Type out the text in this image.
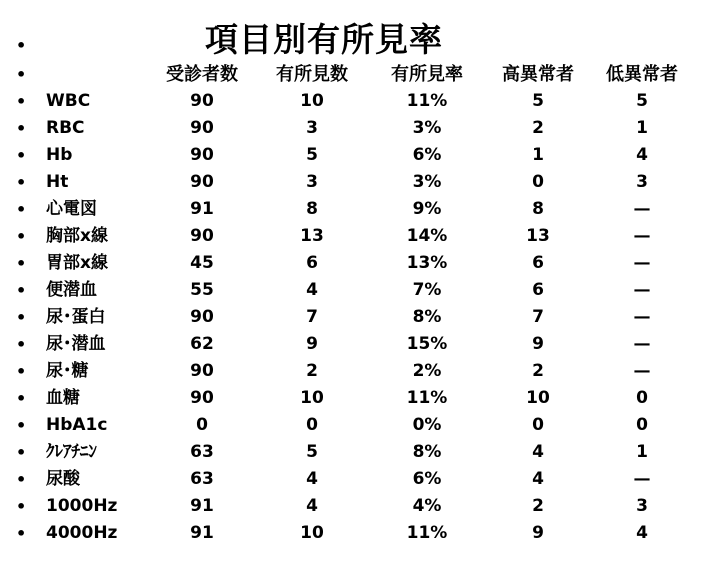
•	項目別有所見率
•	受診者数	有所見数	有所見率	高異常者	低異常者
• WBC	90	10	11%	5	5
• RBC	90	3	3%	2	1
• Hb	90	5	6%	1	4
• Ht	90	3	3%	0	3
• 心電図	91	8	9%	8	—
• 胸部x線	90	13	14%	13	—
• 胃部x線	45	6	13%	6	—
• 便潜血	55	4	7%	6	—
• 尿･蛋白	90	7	8%	7	—
• 尿･潜血	62	9	15%	9	—
• 尿･糖	90	2	2%	2	—
• 血糖	90	10	11%	10	0
• HbA1c	0	0	0%	0	0
• ｸﾚｱﾁﾆﾝ	63	5	8%	4	1
• 尿酸	63	4	6%	4	—
• 1000Hz	91	4	4%	2	3
• 4000Hz	91	10	11%	9	4
